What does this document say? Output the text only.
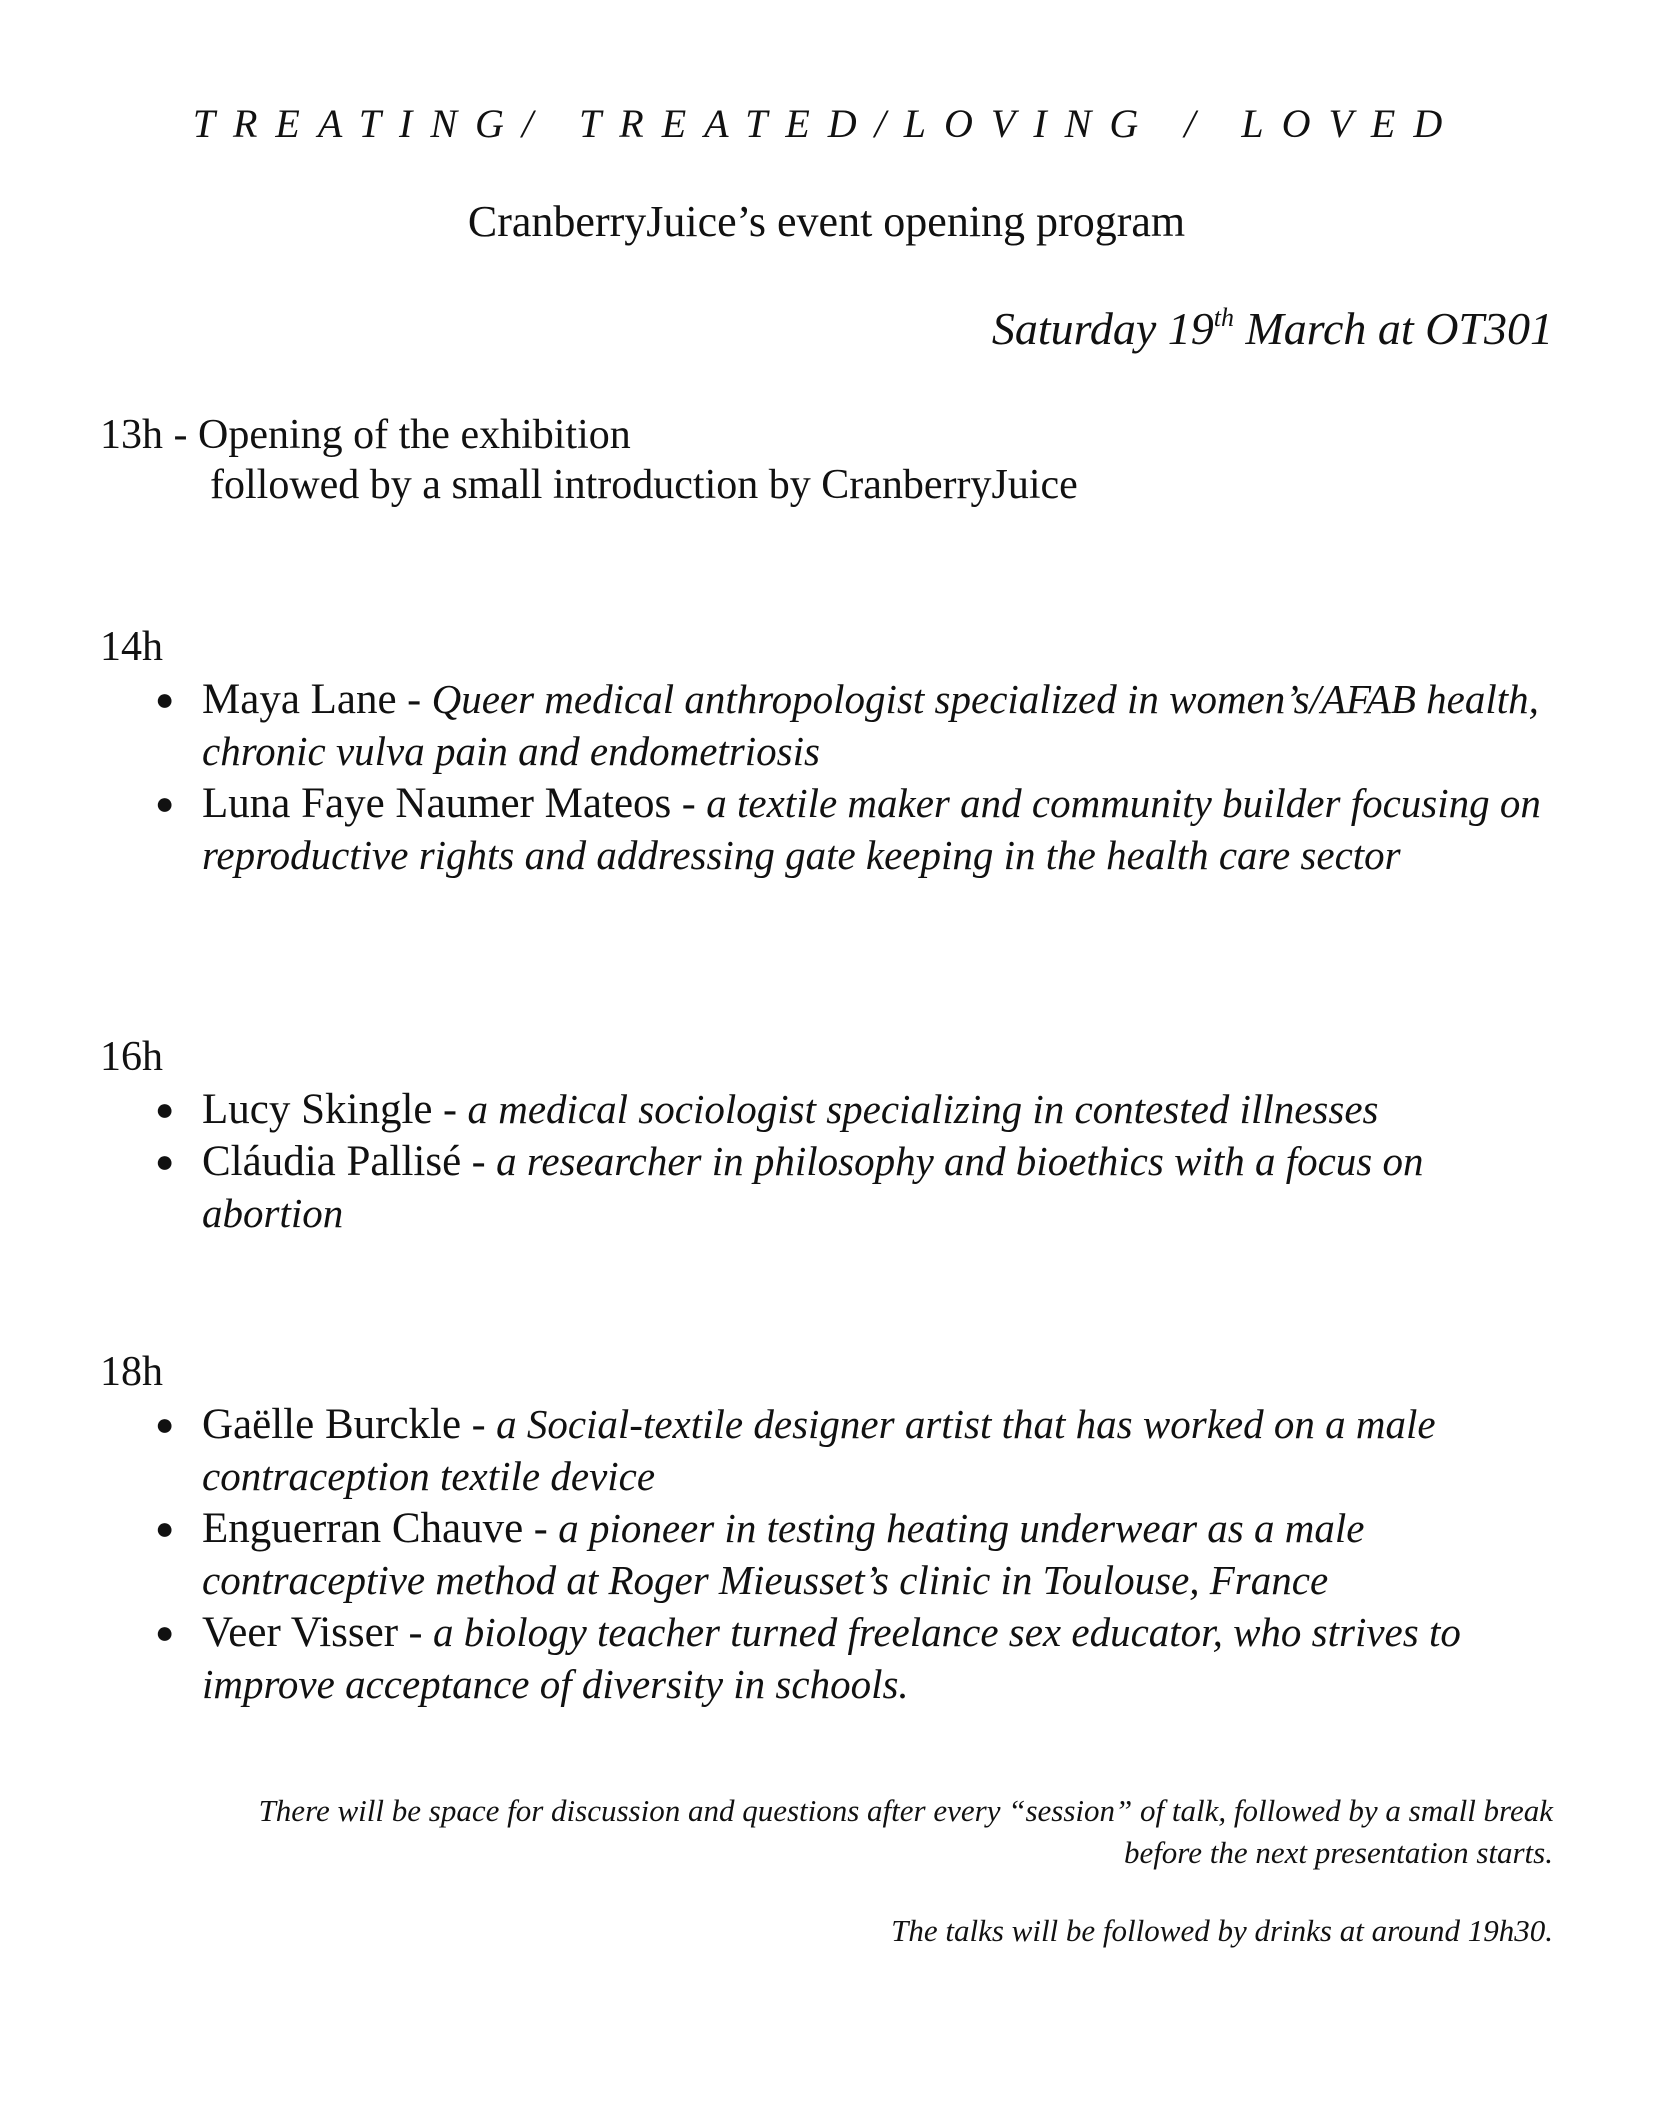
TREATING/ TREATED/LOVING / LOVED
CranberryJuice’s event opening program
Saturday 19th March at OT301
13h - Opening of the exhibition
followed by a small introduction by CranberryJuice
14h
● Maya Lane - Queer medical anthropologist specialized in women’s/AFAB health, chronic vulva pain and endometriosis
● Luna Faye Naumer Mateos - a textile maker and community builder focusing on reproductive rights and addressing gate keeping in the health care sector
16h
● Lucy Skingle - a medical sociologist specializing in contested illnesses
● Cláudia Pallisé - a researcher in philosophy and bioethics with a focus on abortion
18h
● Gaëlle Burckle - a Social-textile designer artist that has worked on a male contraception textile device
● Enguerran Chauve - a pioneer in testing heating underwear as a male contraceptive method at Roger Mieusset’s clinic in Toulouse, France
● Veer Visser - a biology teacher turned freelance sex educator, who strives to improve acceptance of diversity in schools.
There will be space for discussion and questions after every “session” of talk, followed by a small break
before the next presentation starts.
The talks will be followed by drinks at around 19h30.
